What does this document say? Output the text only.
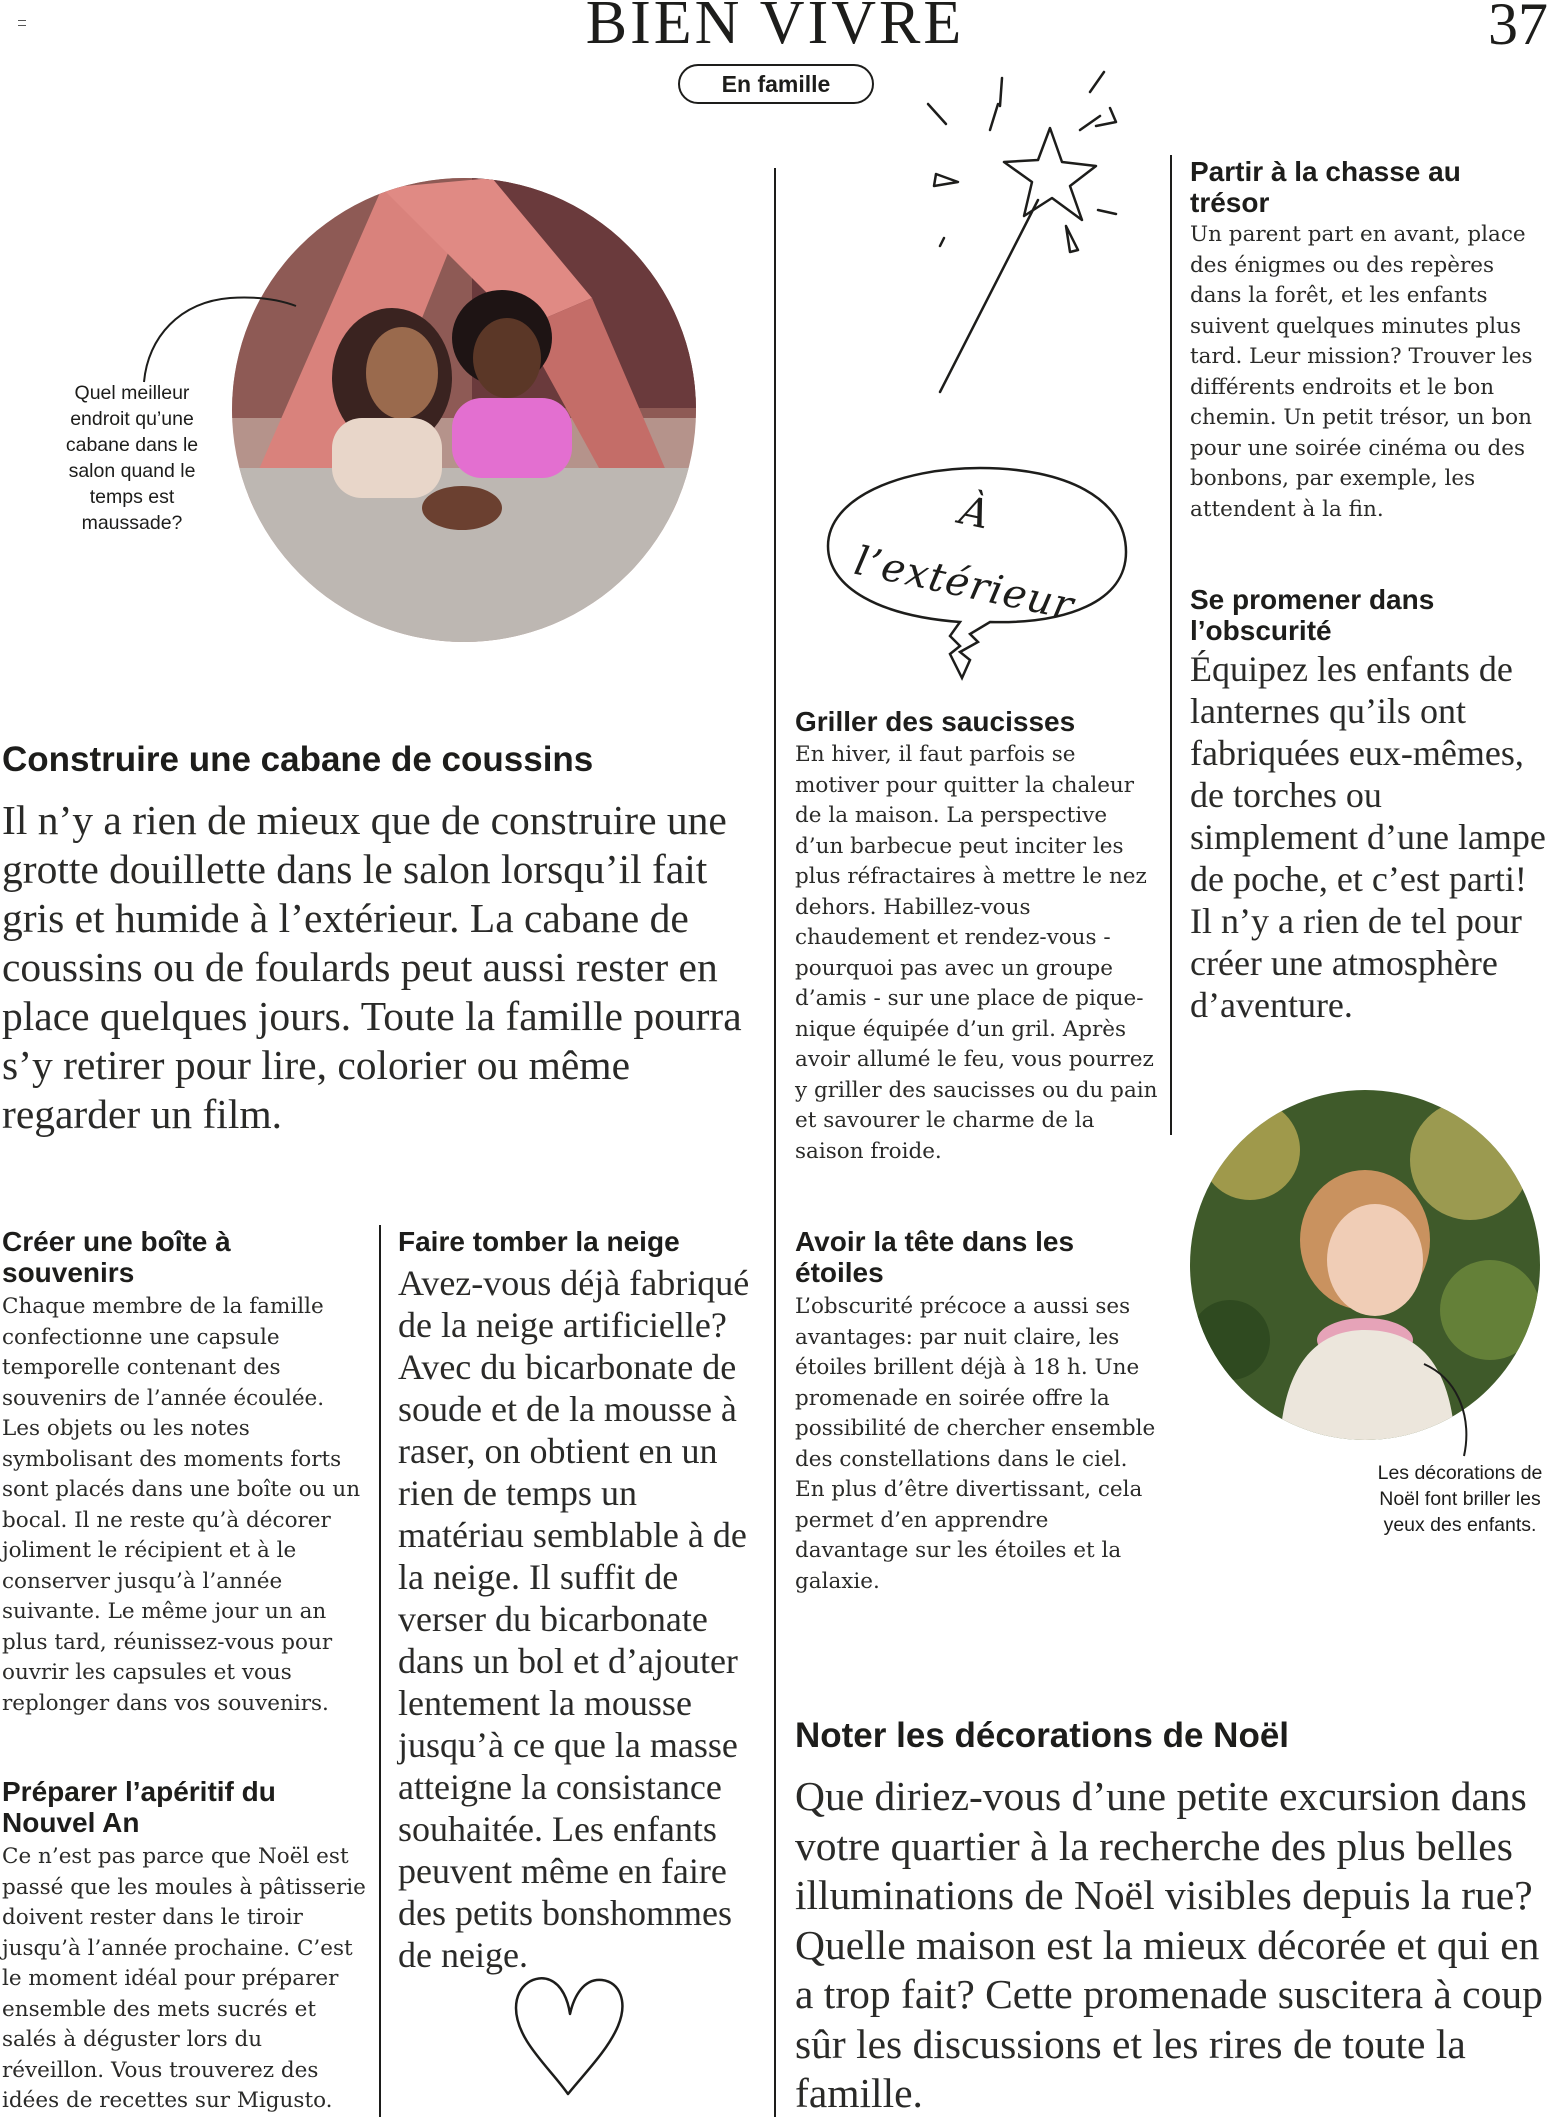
BIEN VIVRE	37
En famille
Quel meilleur endroit qu’une cabane dans le salon quand le temps est maussade?	À
l’extérieur
Partir à la chasse au trésor
Un parent part en avant, place des énigmes ou des repères dans la forêt, et les enfants suivent quelques minutes plus tard. Leur mission? Trouver les différents endroits et le bon chemin. Un petit trésor, un bon pour une soirée cinéma ou des bonbons, par exemple, les attendent à la fin.
Se promener dans l’obscurité
Équipez les enfants de lanternes qu’ils ont fabriquées eux-mêmes, de torches ou simplement d’une lampe de poche, et c’est parti! Il n’y a rien de tel pour créer une atmosphère d’aventure.
Griller des saucisses
En hiver, il faut parfois se motiver pour quitter la chaleur de la maison. La perspective d’un barbecue peut inciter les plus réfractaires à mettre le nez dehors. Habillez-vous chaudement et rendez-vous - pourquoi pas avec un groupe d’amis - sur une place de pique-nique équipée d’un gril. Après avoir allumé le feu, vous pourrez y griller des saucisses ou du pain et savourer le charme de la saison froide.
Construire une cabane de coussins
Il n’y a rien de mieux que de construire une grotte douillette dans le salon lorsqu’il fait gris et humide à l’extérieur. La cabane de coussins ou de foulards peut aussi rester en place quelques jours. Toute la famille pourra s’y retirer pour lire, colorier ou même regarder un film.
Créer une boîte à souvenirs
Chaque membre de la famille confectionne une capsule temporelle contenant des souvenirs de l’année écoulée. Les objets ou les notes symbolisant des moments forts sont placés dans une boîte ou un bocal. Il ne reste qu’à décorer joliment le récipient et à le conserver jusqu’à l’année suivante. Le même jour un an plus tard, réunissez-vous pour ouvrir les capsules et vous replonger dans vos souvenirs.
Préparer l’apéritif du Nouvel An
Ce n’est pas parce que Noël est passé que les moules à pâtisserie doivent rester dans le tiroir jusqu’à l’année prochaine. C’est le moment idéal pour préparer ensemble des mets sucrés et salés à déguster lors du réveillon. Vous trouverez des idées de recettes sur Migusto.
Faire tomber la neige
Avez-vous déjà fabriqué de la neige artificielle? Avec du bicarbonate de soude et de la mousse à raser, on obtient en un rien de temps un matériau semblable à de la neige. Il suffit de verser du bicarbonate dans un bol et d’ajouter lentement la mousse jusqu’à ce que la masse atteigne la consistance souhaitée. Les enfants peuvent même en faire des petits bonshommes de neige.
Avoir la tête dans les étoiles
L’obscurité précoce a aussi ses avantages: par nuit claire, les étoiles brillent déjà à 18 h. Une promenade en soirée offre la possibilité de chercher ensemble des constellations dans le ciel. En plus d’être divertissant, cela permet d’en apprendre davantage sur les étoiles et la galaxie.
Les décorations de Noël font briller les yeux des enfants.
Noter les décorations de Noël
Que diriez-vous d’une petite excursion dans votre quartier à la recherche des plus belles illuminations de Noël visibles depuis la rue? Quelle maison est la mieux décorée et qui en a trop fait? Cette promenade suscitera à coup sûr les discussions et les rires de toute la famille.
